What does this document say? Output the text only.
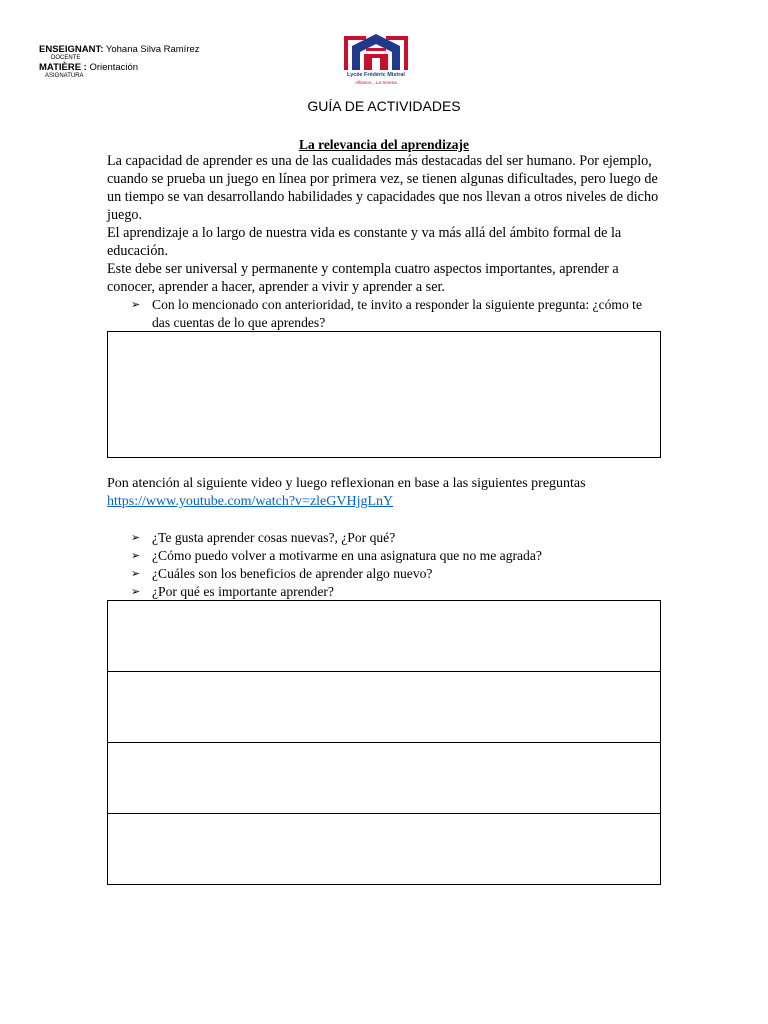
ENSEIGNANT: Yohana Silva Ramírez
DOCENTE
MATIÈRE : Orientación
ASIGNATURA	Lycée Frédéric Mistral
Alliance... La Serena
GUÍA DE ACTIVIDADES
La relevancia del aprendizaje

La capacidad de aprender es una de las cualidades más destacadas del ser humano. Por ejemplo, cuando se prueba un juego en línea por primera vez, se tienen algunas dificultades, pero luego de un tiempo se van desarrollando habilidades y capacidades que nos llevan a otros niveles de dicho juego.

El aprendizaje a lo largo de nuestra vida es constante y va más allá del ámbito formal de la educación.

Este debe ser universal y permanente y contempla cuatro aspectos importantes, aprender a conocer, aprender a hacer, aprender a vivir y aprender a ser.

➢ Con lo mencionado con anterioridad, te invito a responder la siguiente pregunta: ¿cómo te das cuentas de lo que aprendes?
Pon atención al siguiente video y luego reflexionan en base a las siguientes preguntas
https://www.youtube.com/watch?v=zleGVHjgLnY
➢ ¿Te gusta aprender cosas nuevas?, ¿Por qué?
➢ ¿Cómo puedo volver a motivarme en una asignatura que no me agrada?
➢ ¿Cuáles son los beneficios de aprender algo nuevo?
➢ ¿Por qué es importante aprender?
